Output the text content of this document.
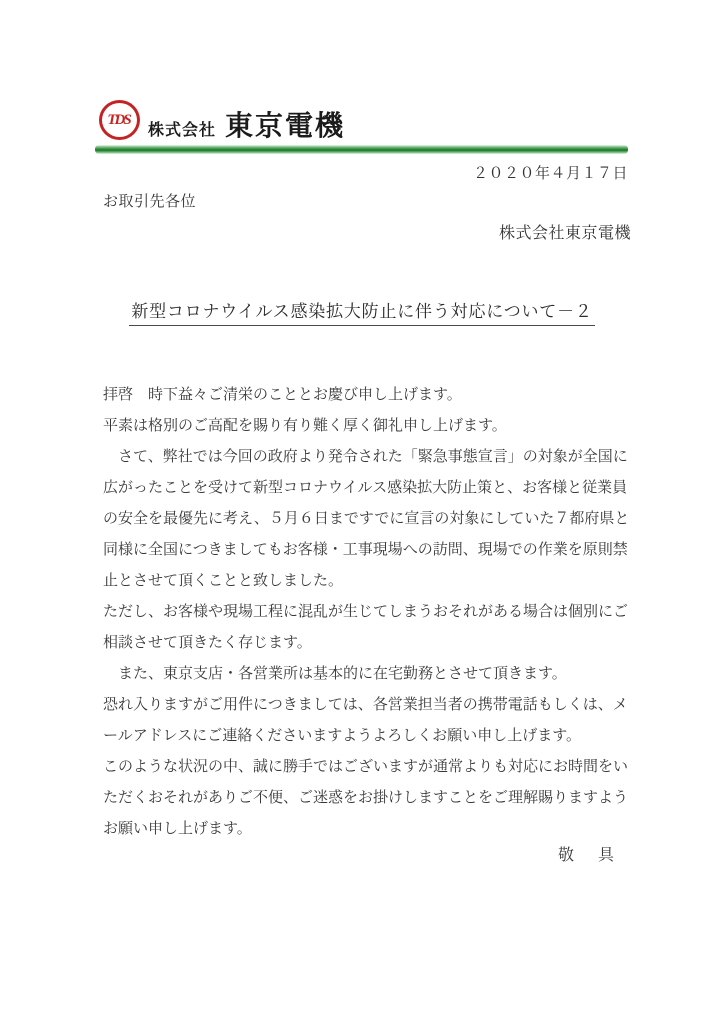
TDS
株式会社 東京電機
２０２０年４月１７日
お取引先各位
株式会社東京電機
新型コロナウイルス感染拡大防止に伴う対応について－２
拝啓　時下益々ご清栄のこととお慶び申し上げます。
平素は格別のご高配を賜り有り難く厚く御礼申し上げます。
　さて、弊社では今回の政府より発令された「緊急事態宣言」の対象が全国に
広がったことを受けて新型コロナウイルス感染拡大防止策と、お客様と従業員
の安全を最優先に考え、５月６日まですでに宣言の対象にしていた７都府県と
同様に全国につきましてもお客様・工事現場への訪問、現場での作業を原則禁
止とさせて頂くことと致しました。
ただし、お客様や現場工程に混乱が生じてしまうおそれがある場合は個別にご
相談させて頂きたく存じます。
　また、東京支店・各営業所は基本的に在宅勤務とさせて頂きます。
恐れ入りますがご用件につきましては、各営業担当者の携帯電話もしくは、メ
ールアドレスにご連絡くださいますようよろしくお願い申し上げます。
このような状況の中、誠に勝手ではございますが通常よりも対応にお時間をい
ただくおそれがありご不便、ご迷惑をお掛けしますことをご理解賜りますよう
お願い申し上げます。
敬　具
